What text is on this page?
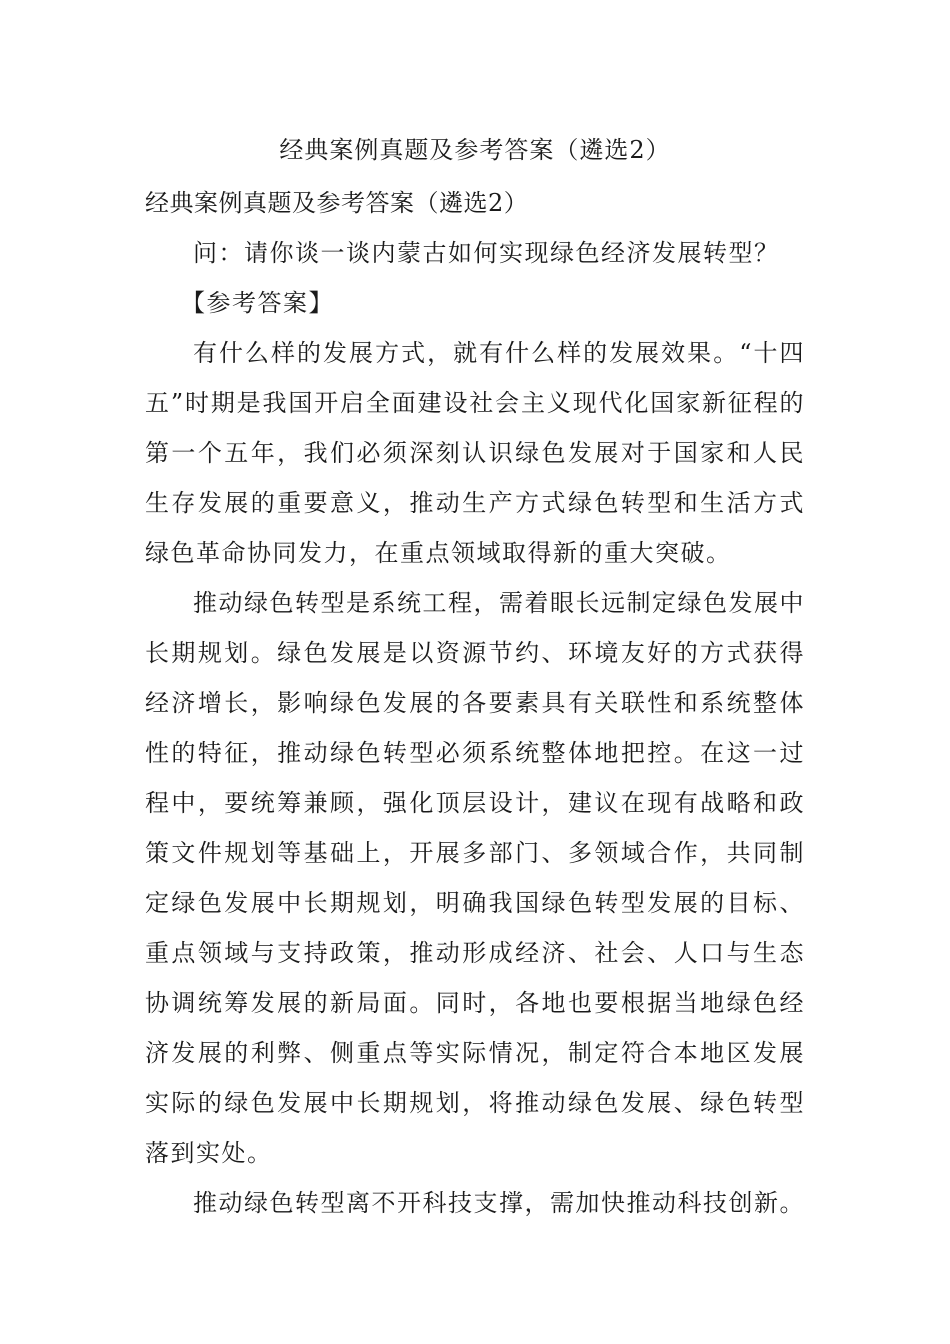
经典案例真题及参考答案（遴选2）

经典案例真题及参考答案（遴选2）

问：请你谈一谈内蒙古如何实现绿色经济发展转型？

【参考答案】

有什么样的发展方式，就有什么样的发展效果。“十四五”时期是我国开启全面建设社会主义现代化国家新征程的第一个五年，我们必须深刻认识绿色发展对于国家和人民生存发展的重要意义，推动生产方式绿色转型和生活方式绿色革命协同发力，在重点领域取得新的重大突破。

推动绿色转型是系统工程，需着眼长远制定绿色发展中长期规划。绿色发展是以资源节约、环境友好的方式获得经济增长，影响绿色发展的各要素具有关联性和系统整体性的特征，推动绿色转型必须系统整体地把控。在这一过程中，要统筹兼顾，强化顶层设计，建议在现有战略和政策文件规划等基础上，开展多部门、多领域合作，共同制定绿色发展中长期规划，明确我国绿色转型发展的目标、重点领域与支持政策，推动形成经济、社会、人口与生态协调统筹发展的新局面。同时，各地也要根据当地绿色经济发展的利弊、侧重点等实际情况，制定符合本地区发展实际的绿色发展中长期规划，将推动绿色发展、绿色转型落到实处。

推动绿色转型离不开科技支撑，需加快推动科技创新。
